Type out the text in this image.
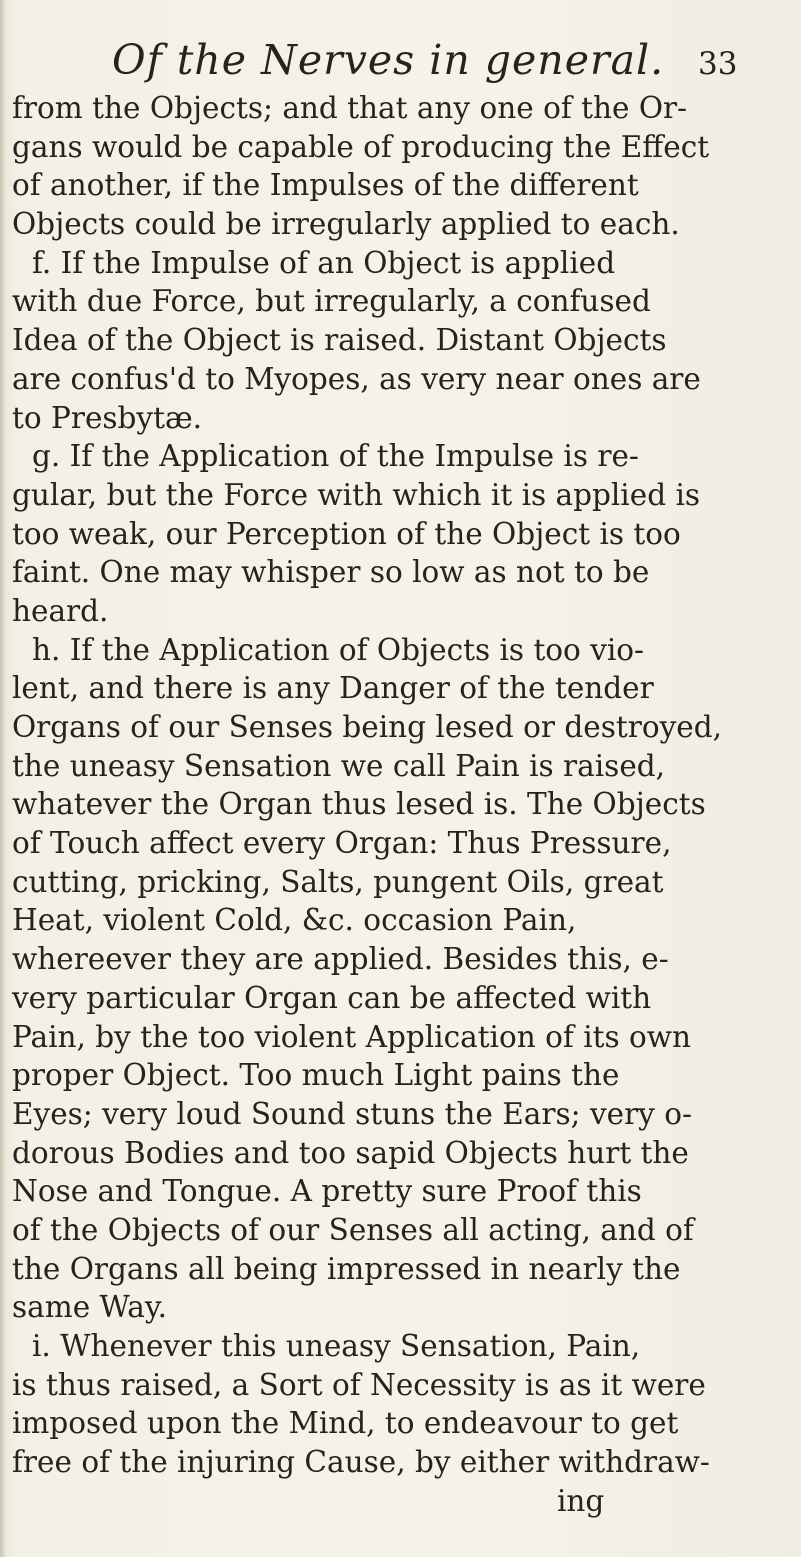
Of the Nerves in general. 33
from the Objects; and that any one of the Or-
gans would be capable of producing the Effect
of another, if the Impulses of the different
Objects could be irregularly applied to each.
f. If the Impulse of an Object is applied
with due Force, but irregularly, a confused
Idea of the Object is raised. Distant Objects
are confus'd to Myopes, as very near ones are
to Presbytæ.
g. If the Application of the Impulse is re-
gular, but the Force with which it is applied is
too weak, our Perception of the Object is too
faint. One may whisper so low as not to be
heard.
h. If the Application of Objects is too vio-
lent, and there is any Danger of the tender
Organs of our Senses being lesed or destroyed,
the uneasy Sensation we call Pain is raised,
whatever the Organ thus lesed is. The Objects
of Touch affect every Organ: Thus Pressure,
cutting, pricking, Salts, pungent Oils, great
Heat, violent Cold, &c. occasion Pain,
whereever they are applied. Besides this, e-
very particular Organ can be affected with
Pain, by the too violent Application of its own
proper Object. Too much Light pains the
Eyes; very loud Sound stuns the Ears; very o-
dorous Bodies and too sapid Objects hurt the
Nose and Tongue. A pretty sure Proof this
of the Objects of our Senses all acting, and of
the Organs all being impressed in nearly the
same Way.
i. Whenever this uneasy Sensation, Pain,
is thus raised, a Sort of Necessity is as it were
imposed upon the Mind, to endeavour to get
free of the injuring Cause, by either withdraw-
ing
